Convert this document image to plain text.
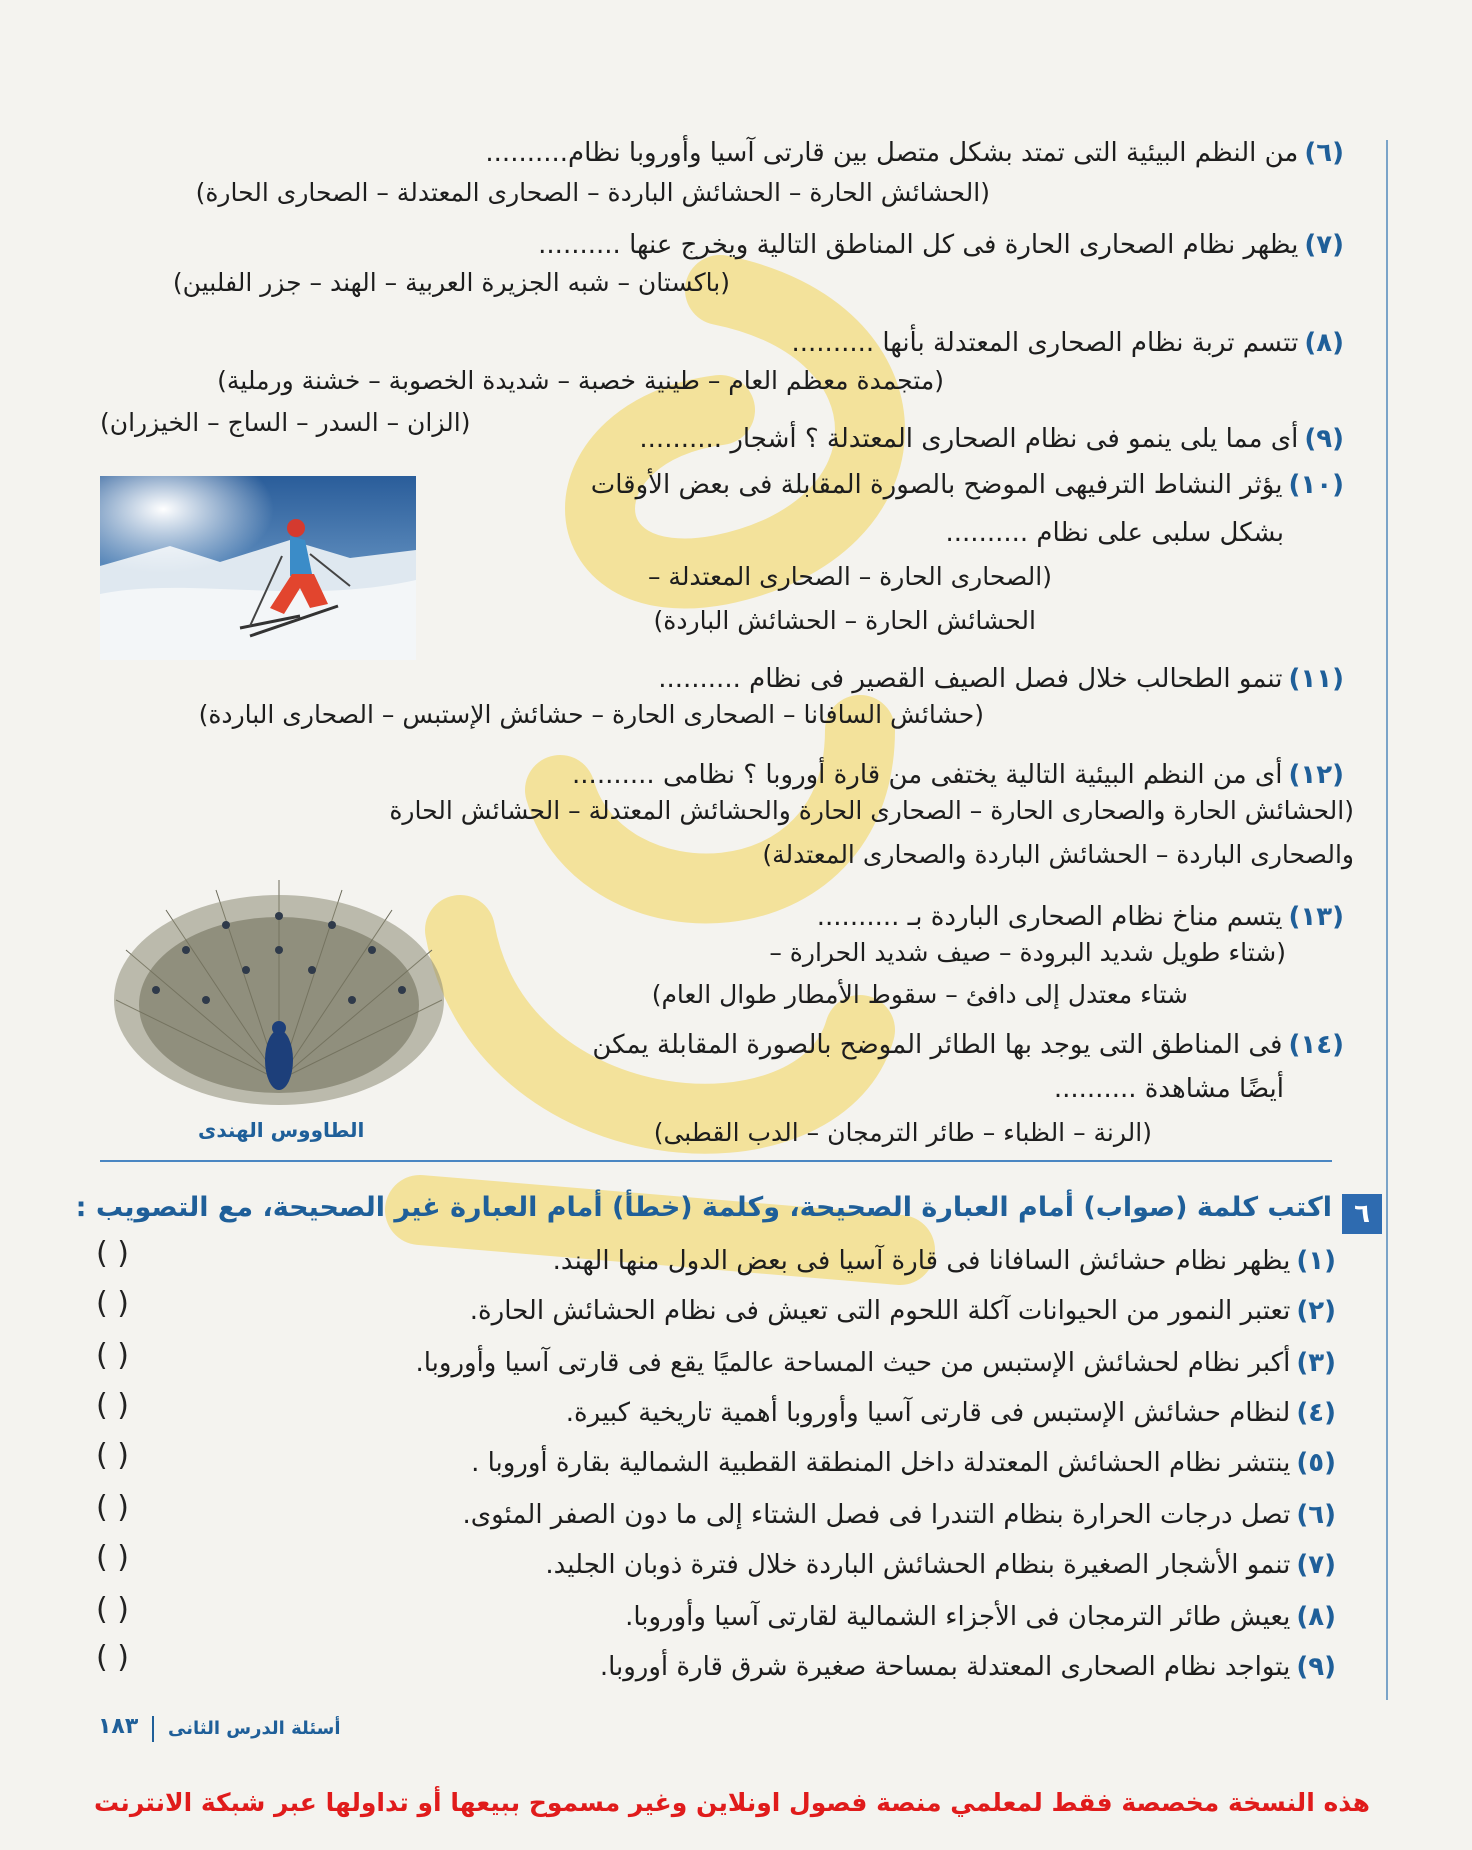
(٦)من النظم البيئية التى تمتد بشكل متصل بين قارتى آسيا وأوروبا نظام..........
(الحشائش الحارة – الحشائش الباردة – الصحارى المعتدلة – الصحارى الحارة)
(٧)يظهر نظام الصحارى الحارة فى كل المناطق التالية ويخرج عنها ..........
(باكستان – شبه الجزيرة العربية – الهند – جزر الفلبين)
(٨)تتسم تربة نظام الصحارى المعتدلة بأنها ..........
(متجمدة معظم العام – طينية خصبة – شديدة الخصوبة – خشنة ورملية)
(الزان – السدر – الساج – الخيزران)
(٩)أى مما يلى ينمو فى نظام الصحارى المعتدلة ؟ أشجار ..........
(١٠)يؤثر النشاط الترفيهى الموضح بالصورة المقابلة فى بعض الأوقات
بشكل سلبى على نظام ..........
(الصحارى الحارة – الصحارى المعتدلة –
الحشائش الحارة – الحشائش الباردة)
(١١)تنمو الطحالب خلال فصل الصيف القصير فى نظام ..........
(حشائش السافانا – الصحارى الحارة – حشائش الإستبس – الصحارى الباردة)
(١٢)أى من النظم البيئية التالية يختفى من قارة أوروبا ؟ نظامى ..........
(الحشائش الحارة والصحارى الحارة – الصحارى الحارة والحشائش المعتدلة – الحشائش الحارة
والصحارى الباردة – الحشائش الباردة والصحارى المعتدلة)
(١٣)يتسم مناخ نظام الصحارى الباردة بـ ..........
(شتاء طويل شديد البرودة – صيف شديد الحرارة –
شتاء معتدل إلى دافئ – سقوط الأمطار طوال العام)
الطاووس الهندى
(١٤)فى المناطق التى يوجد بها الطائر الموضح بالصورة المقابلة يمكن
أيضًا مشاهدة ..........
(الرنة – الظباء – طائر الترمجان – الدب القطبى)
٦
اكتب كلمة (صواب) أمام العبارة الصحيحة، وكلمة (خطأ) أمام العبارة غير الصحيحة، مع التصويب :
(١)يظهر نظام حشائش السافانا فى قارة آسيا فى بعض الدول منها الهند.
( )
(٢)تعتبر النمور من الحيوانات آكلة اللحوم التى تعيش فى نظام الحشائش الحارة.
( )
(٣)أكبر نظام لحشائش الإستبس من حيث المساحة عالميًا يقع فى قارتى آسيا وأوروبا.
( )
(٤)لنظام حشائش الإستبس فى قارتى آسيا وأوروبا أهمية تاريخية كبيرة.
( )
(٥)ينتشر نظام الحشائش المعتدلة داخل المنطقة القطبية الشمالية بقارة أوروبا .
( )
(٦)تصل درجات الحرارة بنظام التندرا فى فصل الشتاء إلى ما دون الصفر المئوى.
( )
(٧)تنمو الأشجار الصغيرة بنظام الحشائش الباردة خلال فترة ذوبان الجليد.
( )
(٨)يعيش طائر الترمجان فى الأجزاء الشمالية لقارتى آسيا وأوروبا.
( )
(٩)يتواجد نظام الصحارى المعتدلة بمساحة صغيرة شرق قارة أوروبا.
( )
١٨٣ أسئلة الدرس الثانى
هذه النسخة مخصصة فقط لمعلمي منصة فصول اونلاين وغير مسموح ببيعها أو تداولها عبر شبكة الانترنت
